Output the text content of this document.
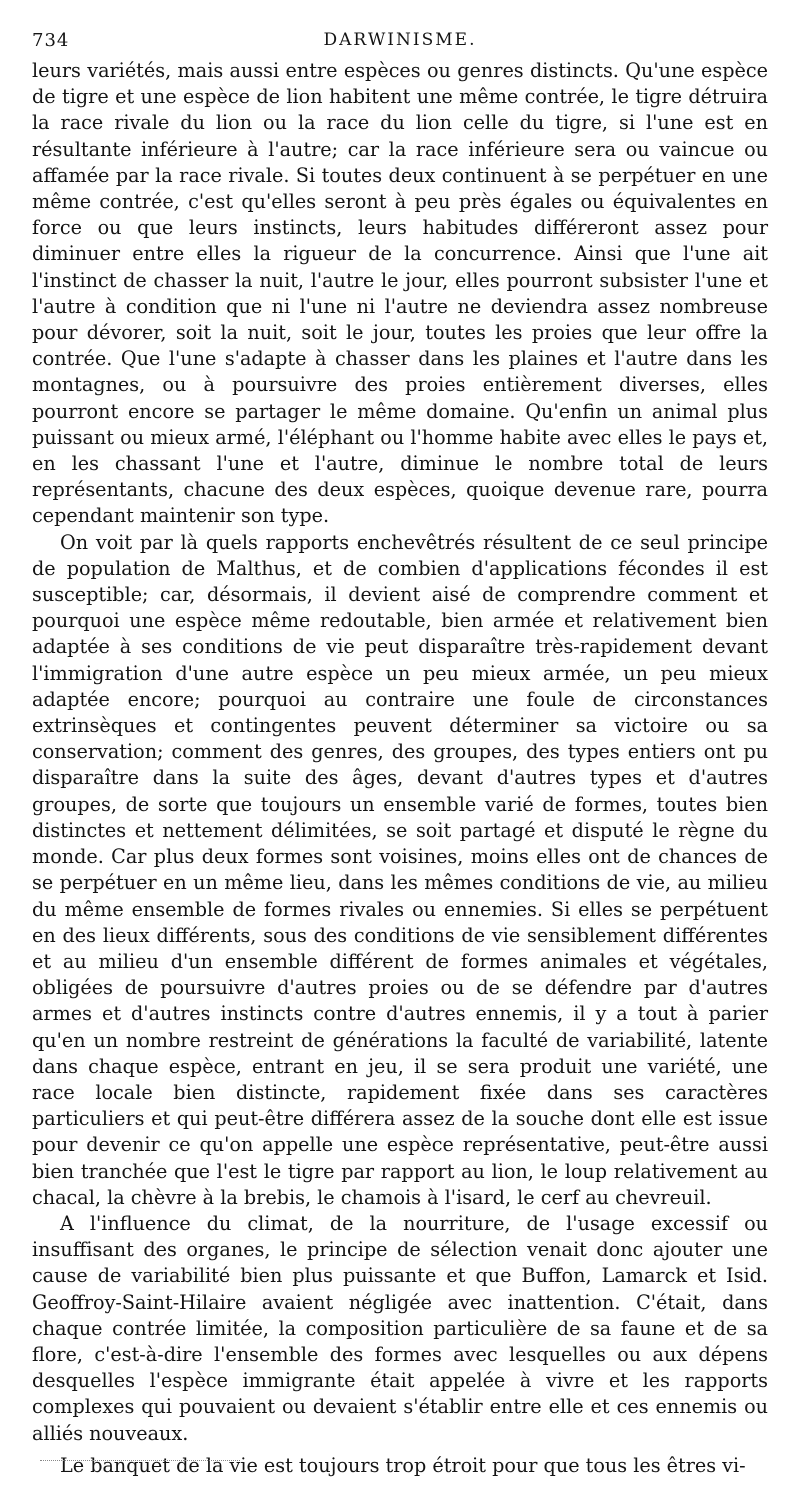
734	DARWINISME.

leurs variétés, mais aussi entre espèces ou genres distincts. Qu'une espèce de tigre et une espèce de lion habitent une même contrée, le tigre détruira la race rivale du lion ou la race du lion celle du tigre, si l'une est en résultante inférieure à l'autre; car la race inférieure sera ou vaincue ou affamée par la race rivale. Si toutes deux continuent à se perpétuer en une même contrée, c'est qu'elles seront à peu près égales ou équivalentes en force ou que leurs instincts, leurs habitudes différeront assez pour diminuer entre elles la rigueur de la concurrence. Ainsi que l'une ait l'instinct de chasser la nuit, l'autre le jour, elles pourront subsister l'une et l'autre à condition que ni l'une ni l'autre ne deviendra assez nombreuse pour dévorer, soit la nuit, soit le jour, toutes les proies que leur offre la contrée. Que l'une s'adapte à chasser dans les plaines et l'autre dans les montagnes, ou à poursuivre des proies entièrement diverses, elles pourront encore se partager le même domaine. Qu'enfin un animal plus puissant ou mieux armé, l'éléphant ou l'homme habite avec elles le pays et, en les chassant l'une et l'autre, diminue le nombre total de leurs représentants, chacune des deux espèces, quoique devenue rare, pourra cependant maintenir son type.

On voit par là quels rapports enchevêtrés résultent de ce seul principe de population de Malthus, et de combien d'applications fécondes il est susceptible; car, désormais, il devient aisé de comprendre comment et pourquoi une espèce même redoutable, bien armée et relativement bien adaptée à ses conditions de vie peut disparaître très-rapidement devant l'immigration d'une autre espèce un peu mieux armée, un peu mieux adaptée encore; pourquoi au contraire une foule de circonstances extrinsèques et contingentes peuvent déterminer sa victoire ou sa conservation; comment des genres, des groupes, des types entiers ont pu disparaître dans la suite des âges, devant d'autres types et d'autres groupes, de sorte que toujours un ensemble varié de formes, toutes bien distinctes et nettement délimitées, se soit partagé et disputé le règne du monde. Car plus deux formes sont voisines, moins elles ont de chances de se perpétuer en un même lieu, dans les mêmes conditions de vie, au milieu du même ensemble de formes rivales ou ennemies. Si elles se perpétuent en des lieux différents, sous des conditions de vie sensiblement différentes et au milieu d'un ensemble différent de formes animales et végétales, obligées de poursuivre d'autres proies ou de se défendre par d'autres armes et d'autres instincts contre d'autres ennemis, il y a tout à parier qu'en un nombre restreint de générations la faculté de variabilité, latente dans chaque espèce, entrant en jeu, il se sera produit une variété, une race locale bien distincte, rapidement fixée dans ses caractères particuliers et qui peut-être différera assez de la souche dont elle est issue pour devenir ce qu'on appelle une espèce représentative, peut-être aussi bien tranchée que l'est le tigre par rapport au lion, le loup relativement au chacal, la chèvre à la brebis, le chamois à l'isard, le cerf au chevreuil.

A l'influence du climat, de la nourriture, de l'usage excessif ou insuffisant des organes, le principe de sélection venait donc ajouter une cause de variabilité bien plus puissante et que Buffon, Lamarck et Isid. Geoffroy-Saint-Hilaire avaient négligée avec inattention. C'était, dans chaque contrée limitée, la composition particulière de sa faune et de sa flore, c'est-à-dire l'ensemble des formes avec lesquelles ou aux dépens desquelles l'espèce immigrante était appelée à vivre et les rapports complexes qui pouvaient ou devaient s'établir entre elle et ces ennemis ou alliés nouveaux.

Le banquet de la vie est toujours trop étroit pour que tous les êtres vi-
